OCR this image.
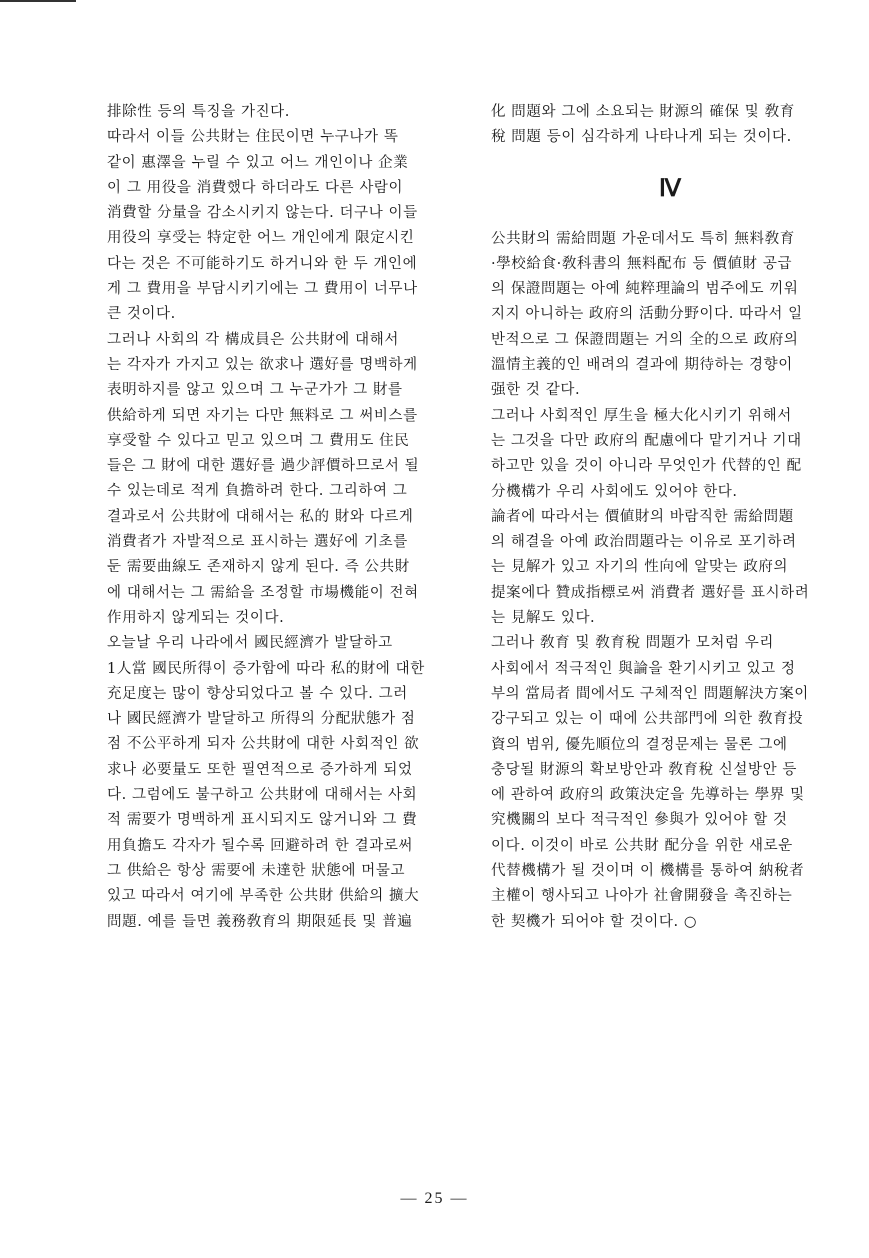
排除性 등의 특징을 가진다.

따라서 이들 公共財는 住民이면 누구나가 똑
같이 惠澤을 누릴 수 있고 어느 개인이나 企業
이 그 用役을 消費했다 하더라도 다른 사람이
消費할 分量을 감소시키지 않는다. 더구나 이들
用役의 享受는 特定한 어느 개인에게 限定시킨
다는 것은 不可能하기도 하거니와 한 두 개인에
게 그 費用을 부담시키기에는 그 費用이 너무나
큰 것이다.

그러나 사회의 각 構成員은 公共財에 대해서
는 각자가 가지고 있는 欲求나 選好를 명백하게
表明하지를 않고 있으며 그 누군가가 그 財를
供給하게 되면 자기는 다만 無料로 그 써비스를
享受할 수 있다고 믿고 있으며 그 費用도 住民
들은 그 財에 대한 選好를 過少評價하므로서 될
수 있는데로 적게 負擔하려 한다. 그리하여 그
결과로서 公共財에 대해서는 私的 財와 다르게
消費者가 자발적으로 표시하는 選好에 기초를
둔 需要曲線도 존재하지 않게 된다. 즉 公共財
에 대해서는 그 需給을 조정할 市場機能이 전혀
作用하지 않게되는 것이다.

오늘날 우리 나라에서 國民經濟가 발달하고
1人當 國民所得이 증가함에 따라 私的財에 대한
充足度는 많이 향상되었다고 볼 수 있다. 그러
나 國民經濟가 발달하고 所得의 分配狀態가 점
점 不公平하게 되자 公共財에 대한 사회적인 欲
求나 必要量도 또한 필연적으로 증가하게 되었
다. 그럼에도 불구하고 公共財에 대해서는 사회
적 需要가 명백하게 표시되지도 않거니와 그 費
用負擔도 각자가 될수록 回避하려 한 결과로써
그 供給은 항상 需要에 未達한 狀態에 머물고
있고 따라서 여기에 부족한 公共財 供給의 擴大
問題. 예를 들면 義務敎育의 期限延長 및 普遍

化 問題와 그에 소요되는 財源의 確保 및 敎育
稅 問題 등이 심각하게 나타나게 되는 것이다.

Ⅳ

公共財의 需給問題 가운데서도 특히 無料敎育
·學校給食·敎科書의 無料配布 등 價値財 공급
의 保證問題는 아예 純粹理論의 범주에도 끼워
지지 아니하는 政府의 活動分野이다. 따라서 일
반적으로 그 保證問題는 거의 全的으로 政府의
溫情主義的인 배려의 결과에 期待하는 경향이
强한 것 같다.

그러나 사회적인 厚生을 極大化시키기 위해서
는 그것을 다만 政府의 配慮에다 맡기거나 기대
하고만 있을 것이 아니라 무엇인가 代替的인 配
分機構가 우리 사회에도 있어야 한다.

論者에 따라서는 價値財의 바람직한 需給問題
의 해결을 아예 政治問題라는 이유로 포기하려
는 見解가 있고 자기의 性向에 알맞는 政府의
提案에다 贊成指標로써 消費者 選好를 표시하려
는 見解도 있다.

그러나 敎育 및 敎育稅 問題가 모처럼 우리
사회에서 적극적인 與論을 환기시키고 있고 정
부의 當局者 間에서도 구체적인 問題解決方案이
강구되고 있는 이 때에 公共部門에 의한 敎育投
資의 범위, 優先順位의 결정문제는 물론 그에
충당될 財源의 확보방안과 敎育稅 신설방안 등
에 관하여 政府의 政策決定을 先導하는 學界 및
究機關의 보다 적극적인 參與가 있어야 할 것
이다. 이것이 바로 公共財 配分을 위한 새로운
代替機構가 될 것이며 이 機構를 통하여 納稅者
主權이 행사되고 나아가 社會開發을 촉진하는
한 契機가 되어야 할 것이다. ○

— 25 —
